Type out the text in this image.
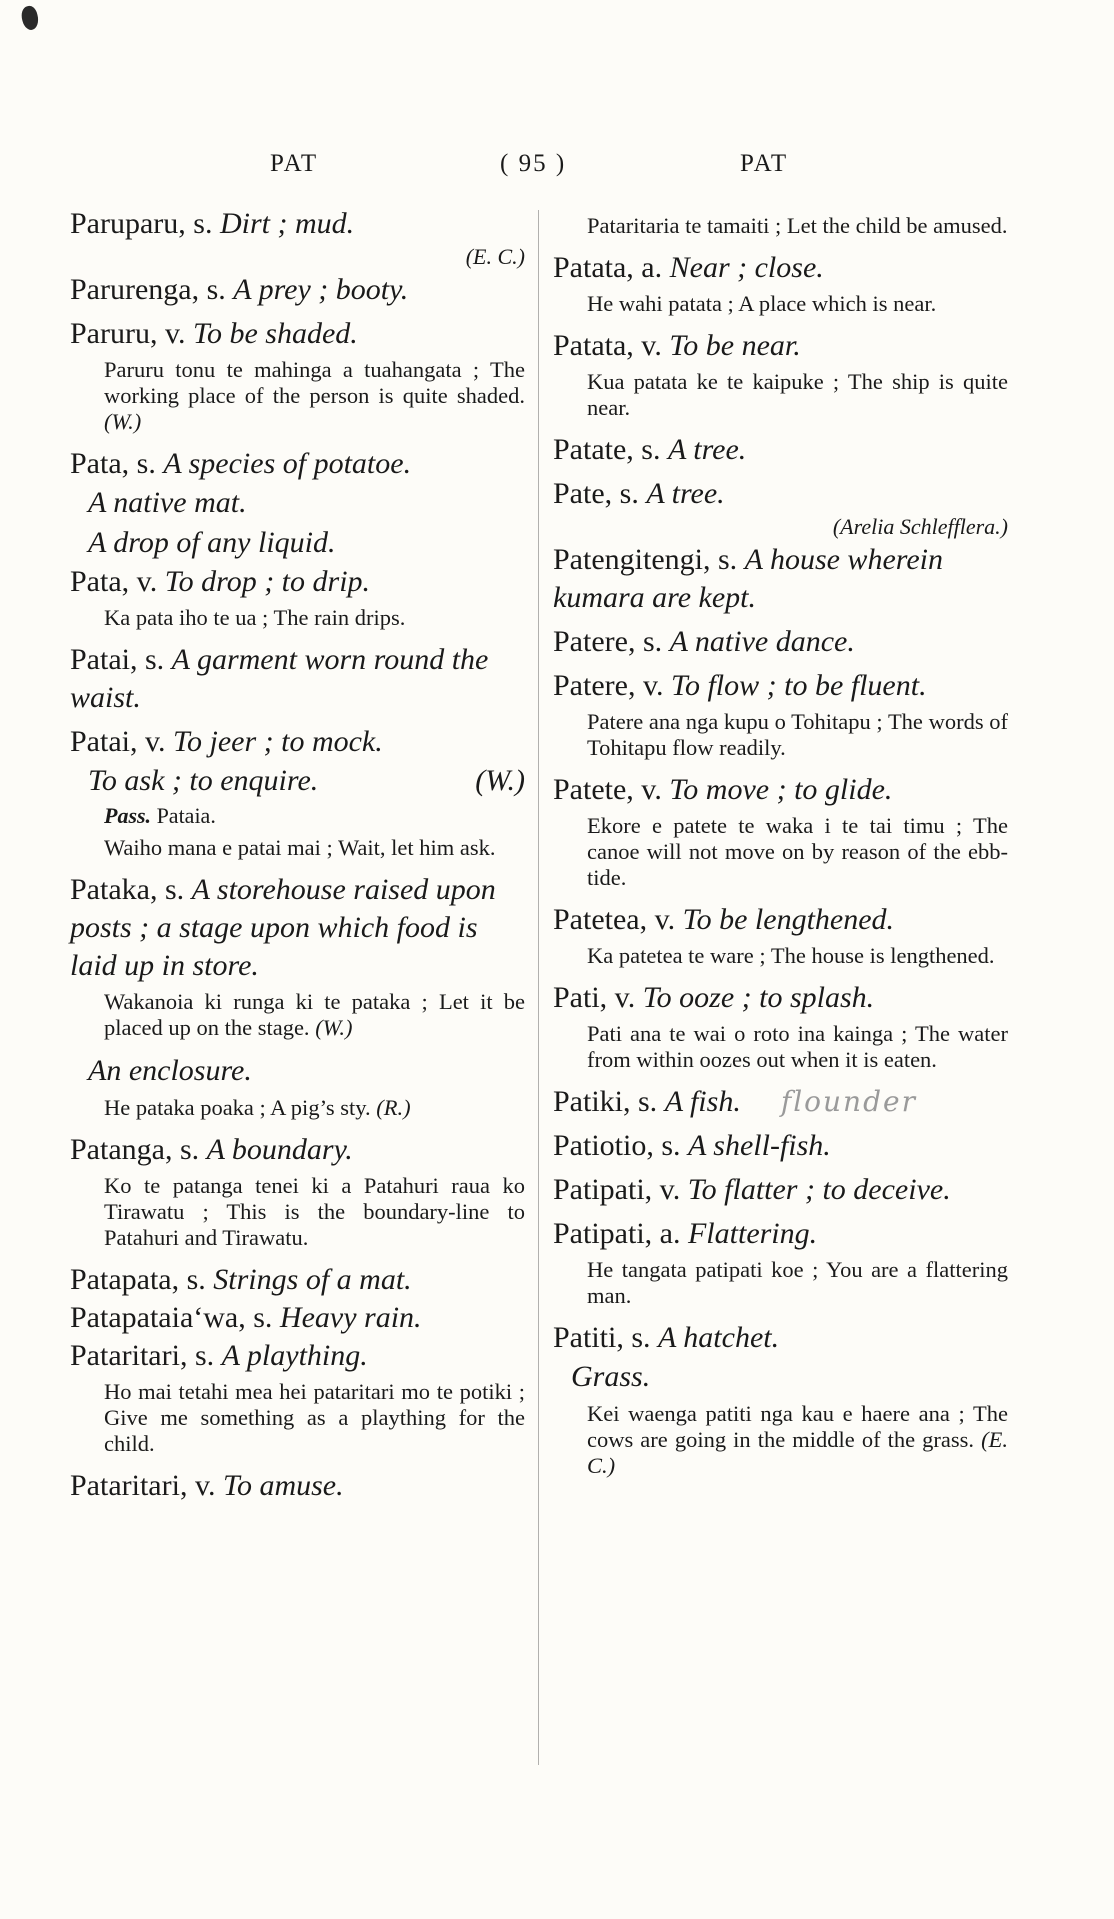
PAT	( 95 )	PAT
Paruparu, s. Dirt ; mud.
(E. C.)
Parurenga, s. A prey ; booty.
Paruru, v. To be shaded.
Paruru tonu te mahinga a tuahangata ; The working place of the person is quite shaded. (W.)
Pata, s. A species of potatoe.
A native mat.
A drop of any liquid.
Pata, v. To drop ; to drip.
Ka pata iho te ua ; The rain drips.
Patai, s. A garment worn round the waist.
Patai, v. To jeer ; to mock.
To ask ; to enquire.	(W.)
Pass. Pataia.
Waiho mana e patai mai ; Wait, let him ask.
Pataka, s. A storehouse raised upon posts ; a stage upon which food is laid up in store.
Wakanoia ki runga ki te pataka ; Let it be placed up on the stage. (W.)
An enclosure.
He pataka poaka ; A pig’s sty. (R.)
Patanga, s. A boundary.
Ko te patanga tenei ki a Patahuri raua ko Tirawatu ; This is the boundary-line to Patahuri and Tirawatu.
Patapata, s. Strings of a mat.
Patapataia‘wa, s. Heavy rain.
Pataritari, s. A plaything.
Ho mai tetahi mea hei pataritari mo te potiki ; Give me something as a plaything for the child.
Pataritari, v. To amuse.
Pataritaria te tamaiti ; Let the child be amused.
Patata, a. Near ; close.
He wahi patata ; A place which is near.
Patata, v. To be near.
Kua patata ke te kaipuke ; The ship is quite near.
Patate, s. A tree.
Pate, s. A tree.
(Arelia Schlefflera.)
Patengitengi, s. A house wherein kumara are kept.
Patere, s. A native dance.
Patere, v. To flow ; to be fluent.
Patere ana nga kupu o Tohitapu ; The words of Tohitapu flow readily.
Patete, v. To move ; to glide.
Ekore e patete te waka i te tai timu ; The canoe will not move on by reason of the ebb-tide.
Patetea, v. To be lengthened.
Ka patetea te ware ; The house is lengthened.
Pati, v. To ooze ; to splash.
Pati ana te wai o roto ina kainga ; The water from within oozes out when it is eaten.
Patiki, s. A fish. flounder
Patiotio, s. A shell-fish.
Patipati, v. To flatter ; to deceive.
Patipati, a. Flattering.
He tangata patipati koe ; You are a flattering man.
Patiti, s. A hatchet.
Grass.
Kei waenga patiti nga kau e haere ana ; The cows are going in the middle of the grass. (E. C.)
